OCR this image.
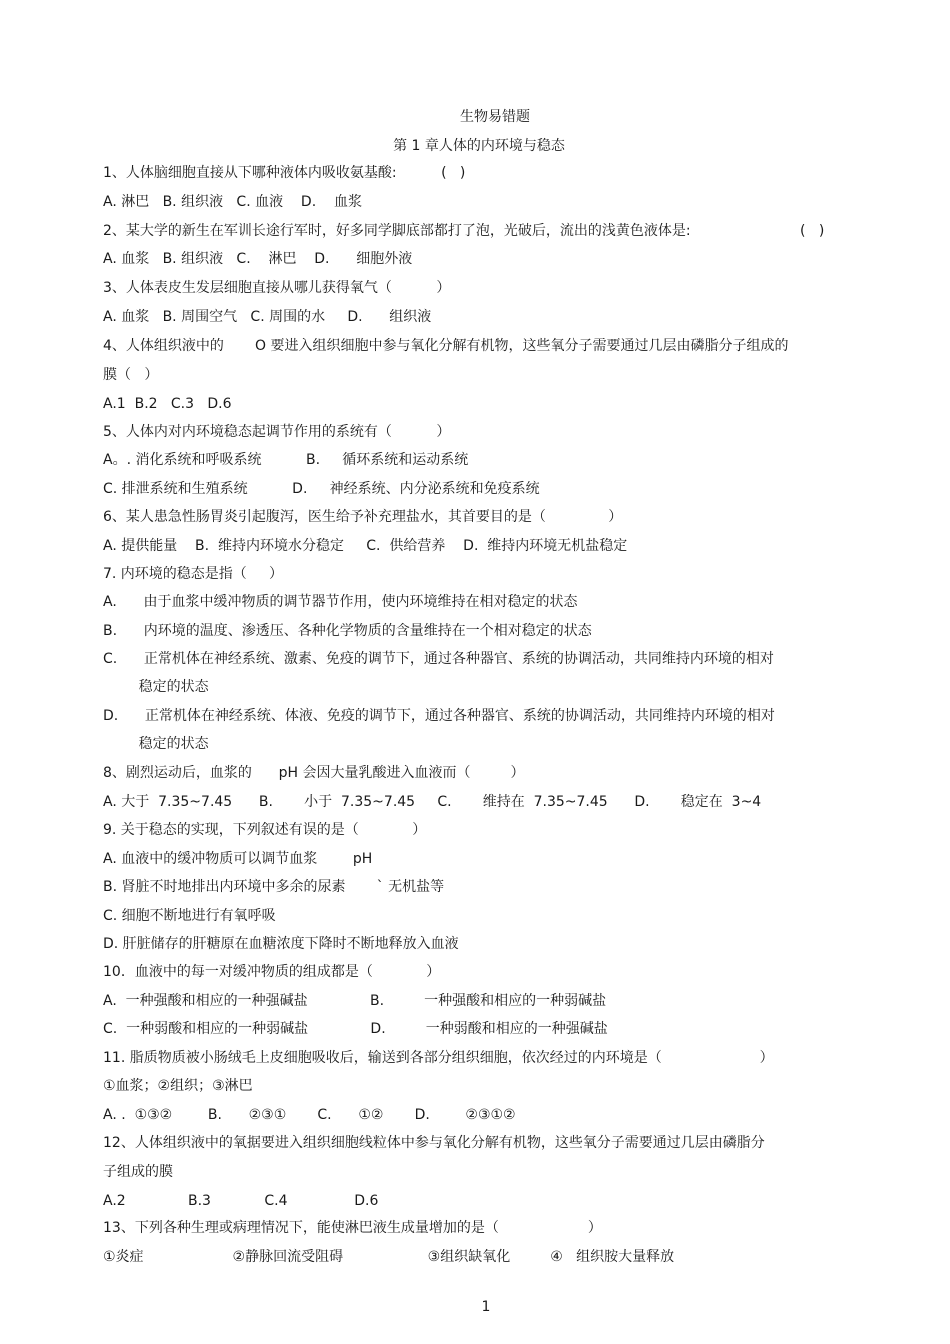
生物易错题
第 1 章人体的内环境与稳态
1、人体脑细胞直接从下哪种液体内吸收氨基酸:          (   )
A. 淋巴   B. 组织液   C. 血液    D.    血浆
2、某大学的新生在军训长途行军时，好多同学脚底部都打了泡，光破后，流出的浅黄色液体是:	(   )
A. 血浆   B. 组织液   C.    淋巴    D.      细胞外液
3、人体表皮生发层细胞直接从哪儿获得氧气（          ）
A. 血浆   B. 周围空气   C. 周围的水     D.      组织液
4、人体组织液中的       O 要进入组织细胞中参与氧化分解有机物，这些氧分子需要通过几层由磷脂分子组成的
膜（   ）
A.1  B.2   C.3   D.6
5、人体内对内环境稳态起调节作用的系统有（          ）
A。. 消化系统和呼吸系统          B.     循环系统和运动系统
C. 排泄系统和生殖系统          D.     神经系统、内分泌系统和免疫系统
6、某人患急性肠胃炎引起腹泻，医生给予补充理盐水，其首要目的是（              ）
A. 提供能量    B.  维持内环境水分稳定     C.  供给营养    D.  维持内环境无机盐稳定
7. 内环境的稳态是指（     ）
A.      由于血浆中缓冲物质的调节器节作用，使内环境维持在相对稳定的状态
B.      内环境的温度、渗透压、各种化学物质的含量维持在一个相对稳定的状态
C.      正常机体在神经系统、激素、免疫的调节下，通过各种器官、系统的协调活动，共同维持内环境的相对
稳定的状态
D.      正常机体在神经系统、体液、免疫的调节下，通过各种器官、系统的协调活动，共同维持内环境的相对
稳定的状态
8、剧烈运动后，血浆的      pH 会因大量乳酸进入血液而（         ）
A. 大于  7.35~7.45      B.       小于  7.35~7.45     C.       维持在  7.35~7.45      D.       稳定在  3~4
9. 关于稳态的实现，下列叙述有误的是（            ）
A. 血液中的缓冲物质可以调节血浆        pH
B. 肾脏不时地排出内环境中多余的尿素       ` 无机盐等
C. 细胞不断地进行有氧呼吸
D. 肝脏储存的肝糖原在血糖浓度下降时不断地释放入血液
10．血液中的每一对缓冲物质的组成都是（            ）
A.  一种强酸和相应的一种强碱盐              B.         一种强酸和相应的一种弱碱盐
C.  一种弱酸和相应的一种弱碱盐              D.         一种弱酸和相应的一种强碱盐
11. 脂质物质被小肠绒毛上皮细胞吸收后，输送到各部分组织细胞，依次经过的内环境是（                      ）
①血浆；②组织；③淋巴
A. .  ①③②        B.      ②③①       C.      ①②       D.        ②③①②
12、人体组织液中的氧据要进入组织细胞线粒体中参与氧化分解有机物，这些氧分子需要通过几层由磷脂分
子组成的膜
A.2              B.3            C.4               D.6
13、下列各种生理或病理情况下，能使淋巴液生成量增加的是（                    ）
①炎症                    ②静脉回流受阻碍                   ③组织缺氧化         ④   组织胺大量释放
1
